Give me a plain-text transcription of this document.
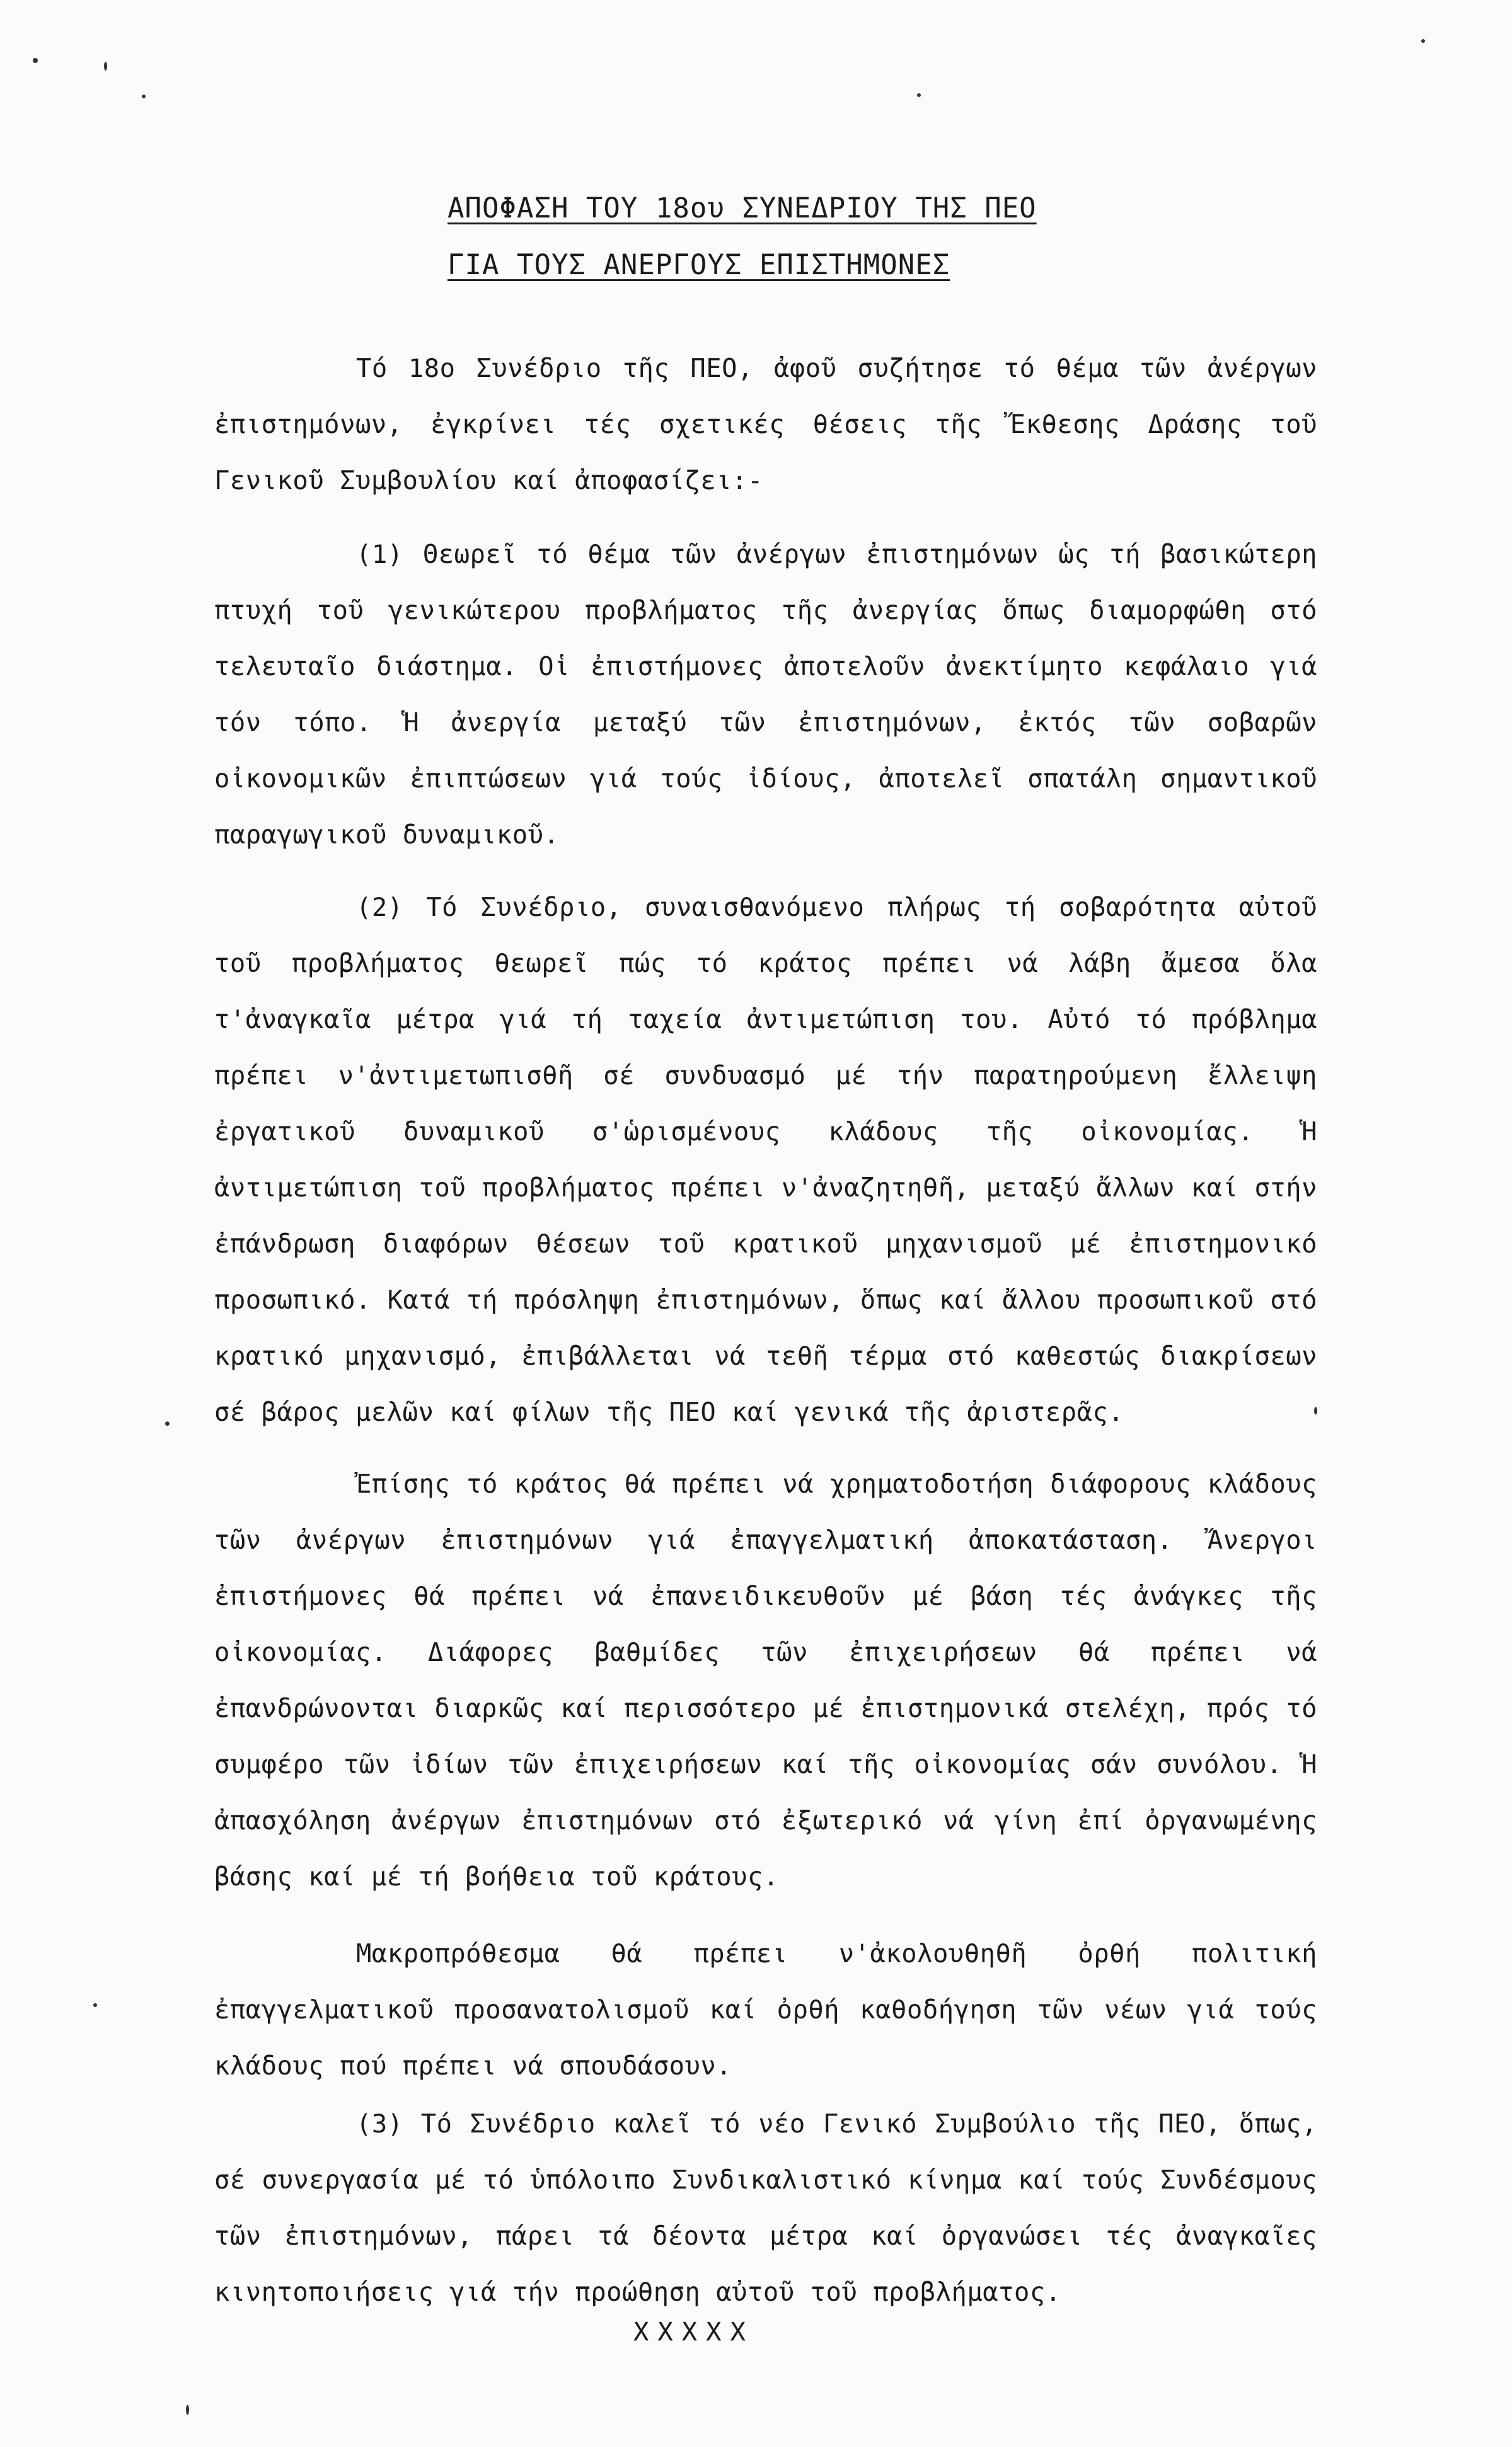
ΑΠΟΦΑΣΗ ΤΟΥ 18ου ΣΥΝΕΔΡΙΟΥ ΤΗΣ ΠΕΟ
ΓΙΑ ΤΟΥΣ ΑΝΕΡΓΟΥΣ ΕΠΙΣΤΗΜΟΝΕΣ

Τό 18ο Συνέδριο τῆς ΠΕΟ, ἀφοῦ συζήτησε τό θέμα τῶν ἀνέργων ἐπιστημόνων, ἐγκρίνει τές σχετικές θέσεις τῆς Ἔκθεσης Δράσης τοῦ Γενικοῦ Συμβουλίου καί ἀποφασίζει:-

(1) Θεωρεῖ τό θέμα τῶν ἀνέργων ἐπιστημόνων ὡς τή βασικώτερη πτυχή τοῦ γενικώτερου προβλήματος τῆς ἀνεργίας ὅπως διαμορφώθη στό τελευταῖο διάστημα. Οἱ ἐπιστήμονες ἀποτελοῦν ἀνεκτίμητο κεφάλαιο γιά τόν τόπο. Ἡ ἀνεργία μεταξύ τῶν ἐπιστημόνων, ἐκτός τῶν σοβαρῶν οἰκονομικῶν ἐπιπτώσεων γιά τούς ἰδίους, ἀποτελεῖ σπατάλη σημαντικοῦ παραγωγικοῦ δυναμικοῦ.

(2) Τό Συνέδριο, συναισθανόμενο πλήρως τή σοβαρότητα αὐτοῦ τοῦ προβλήματος θεωρεῖ πώς τό κράτος πρέπει νά λάβη ἄμεσα ὅλα τ'ἀναγκαῖα μέτρα γιά τή ταχεία ἀντιμετώπιση του. Αὐτό τό πρόβλημα πρέπει ν'ἀντιμετωπισθῆ σέ συνδυασμό μέ τήν παρατηρούμενη ἔλλειψη ἐργατικοῦ δυναμικοῦ σ'ὡρισμένους κλάδους τῆς οἰκονομίας. Ἡ ἀντιμετώπιση τοῦ προβλήματος πρέπει ν'ἀναζητηθῆ, μεταξύ ἄλλων καί στήν ἐπάνδρωση διαφόρων θέσεων τοῦ κρατικοῦ μηχανισμοῦ μέ ἐπιστημονικό προσωπικό. Κατά τή πρόσληψη ἐπιστημόνων, ὅπως καί ἄλλου προσωπικοῦ στό κρατικό μηχανισμό, ἐπιβάλλεται νά τεθῆ τέρμα στό καθεστώς διακρίσεων σέ βάρος μελῶν καί φίλων τῆς ΠΕΟ καί γενικά τῆς ἀριστερᾶς.

Ἐπίσης τό κράτος θά πρέπει νά χρηματοδοτήση διάφορους κλάδους τῶν ἀνέργων ἐπιστημόνων γιά ἐπαγγελματική ἀποκατάσταση. Ἄνεργοι ἐπιστήμονες θά πρέπει νά ἐπανειδικευθοῦν μέ βάση τές ἀνάγκες τῆς οἰκονομίας. Διάφορες βαθμίδες τῶν ἐπιχειρήσεων θά πρέπει νά ἐπανδρώνονται διαρκῶς καί περισσότερο μέ ἐπιστημονικά στελέχη, πρός τό συμφέρο τῶν ἰδίων τῶν ἐπιχειρήσεων καί τῆς οἰκονομίας σάν συνόλου. Ἡ ἀπασχόληση ἀνέργων ἐπιστημόνων στό ἐξωτερικό νά γίνη ἐπί ὀργανωμένης βάσης καί μέ τή βοήθεια τοῦ κράτους.

Μακροπρόθεσμα θά πρέπει ν'ἀκολουθηθῆ ὀρθή πολιτική ἐπαγγελματικοῦ προσανατολισμοῦ καί ὀρθή καθοδήγηση τῶν νέων γιά τούς κλάδους πού πρέπει νά σπουδάσουν.

(3) Τό Συνέδριο καλεῖ τό νέο Γενικό Συμβούλιο τῆς ΠΕΟ, ὅπως, σέ συνεργασία μέ τό ὑπόλοιπο Συνδικαλιστικό κίνημα καί τούς Συνδέσμους τῶν ἐπιστημόνων, πάρει τά δέοντα μέτρα καί ὀργανώσει τές ἀναγκαῖες κινητοποιήσεις γιά τήν προώθηση αὐτοῦ τοῦ προβλήματος.

XXXXX
